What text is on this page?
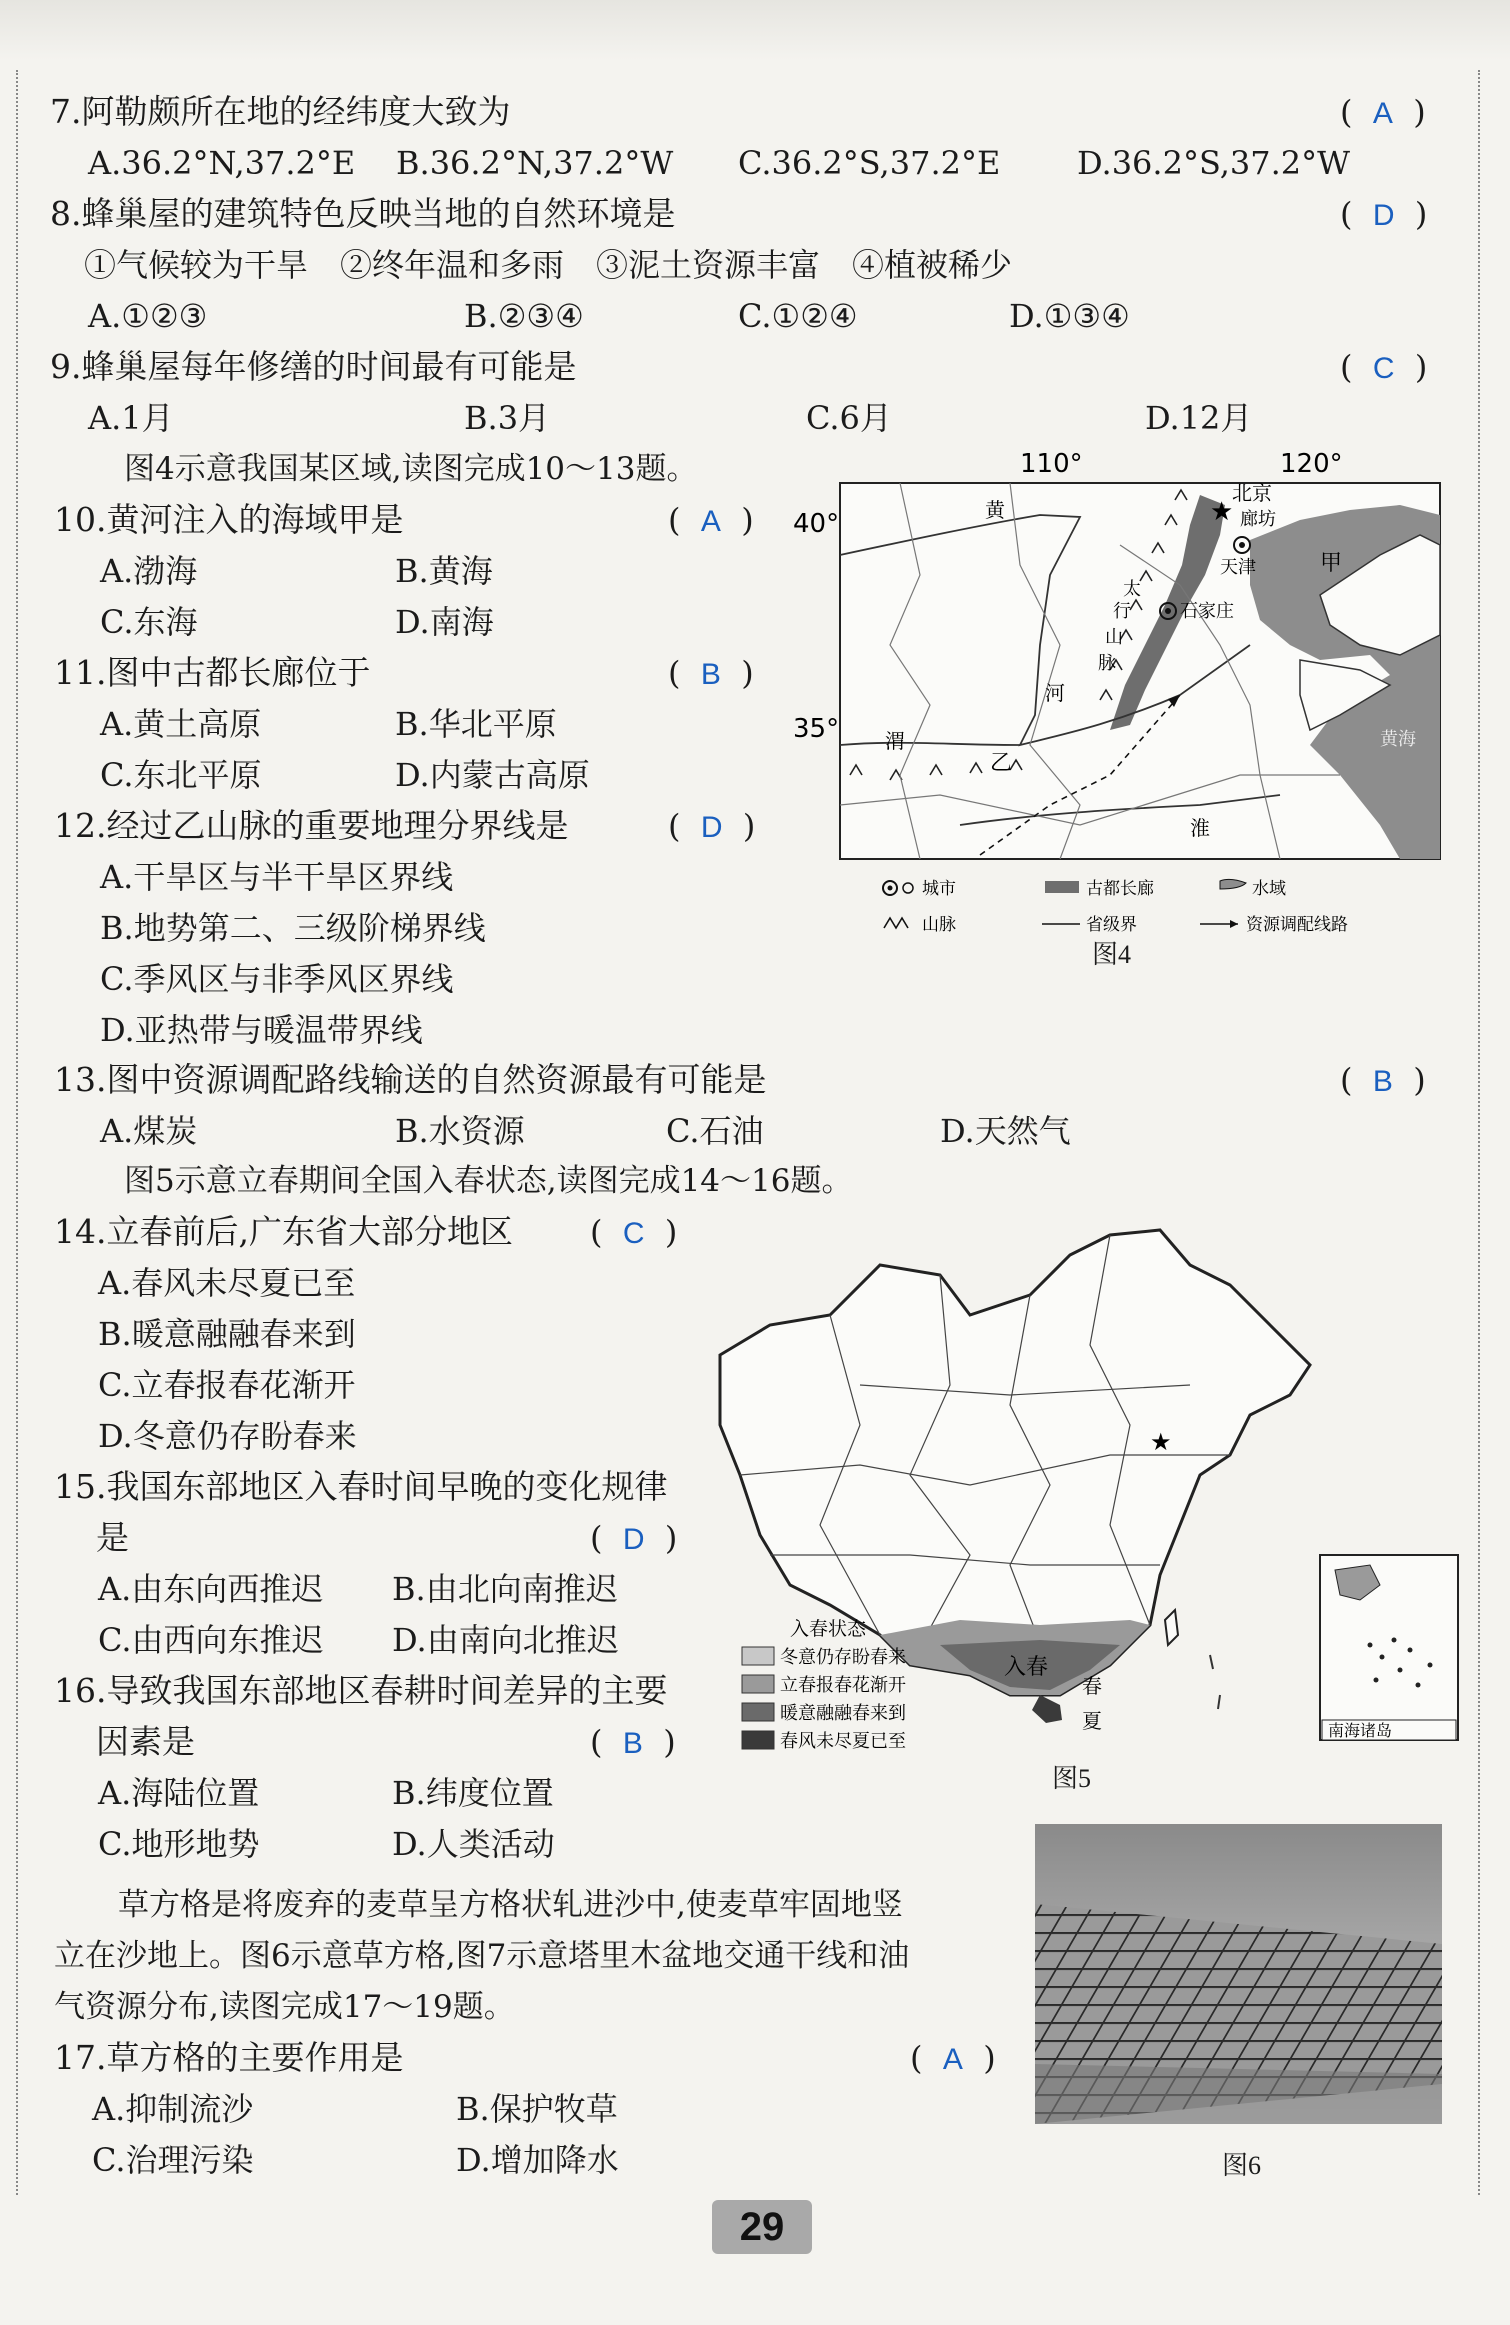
7.阿勒颇所在地的经纬度大致为	(  A  )
A.36.2°N,37.2°E B.36.2°N,37.2°W C.36.2°S,37.2°E D.36.2°S,37.2°W
8.蜂巢屋的建筑特色反映当地的自然环境是	(  D  )
①气候较为干旱　②终年温和多雨　③泥土资源丰富　④植被稀少
A.①②③	B.②③④	C.①②④	D.①③④
9.蜂巢屋每年修缮的时间最有可能是	(  C  )
A.1月	B.3月	C.6月	D.12月
图4示意我国某区域,读图完成10～13题。
10.黄河注入的海域甲是	(  A  )
A.渤海	B.黄海
C.东海	D.南海
11.图中古都长廊位于	(  B  )
A.黄土高原	B.华北平原
C.东北平原	D.内蒙古高原
12.经过乙山脉的重要地理分界线是	(  D  )
A.干旱区与半干旱区界线
B.地势第二、三级阶梯界线
C.季风区与非季风区界线
D.亚热带与暖温带界线
110°	120°
40°
35°
★
北京
廊坊
天津
石家庄
黄
河
渭
淮
甲
乙
黄海
太
行
山
脉
城市	古都长廊	水域
山脉	省级界	资源调配线路
图4
13.图中资源调配路线输送的自然资源最有可能是	(  B  )
A.煤炭	B.水资源	C.石油	D.天然气
图5示意立春期间全国入春状态,读图完成14～16题。
14.立春前后,广东省大部分地区 (  C  )
A.春风未尽夏已至
B.暖意融融春来到
C.立春报春花渐开
D.冬意仍存盼春来
15.我国东部地区入春时间早晚的变化规律
是	(  D  )
A.由东向西推迟 B.由北向南推迟
C.由西向东推迟 D.由南向北推迟
16.导致我国东部地区春耕时间差异的主要
因素是	(  B  )
A.海陆位置	B.纬度位置
C.地形地势	D.人类活动
入春
春
夏
★
南海诸岛
入春状态
冬意仍存盼春来
立春报春花渐开
暖意融融春来到
春风未尽夏已至
图5
草方格是将废弃的麦草呈方格状轧进沙中,使麦草牢固地竖
立在沙地上。图6示意草方格,图7示意塔里木盆地交通干线和油
气资源分布,读图完成17～19题。
17.草方格的主要作用是	(  A  )
A.抑制流沙	B.保护牧草
C.治理污染	D.增加降水	图6
29
